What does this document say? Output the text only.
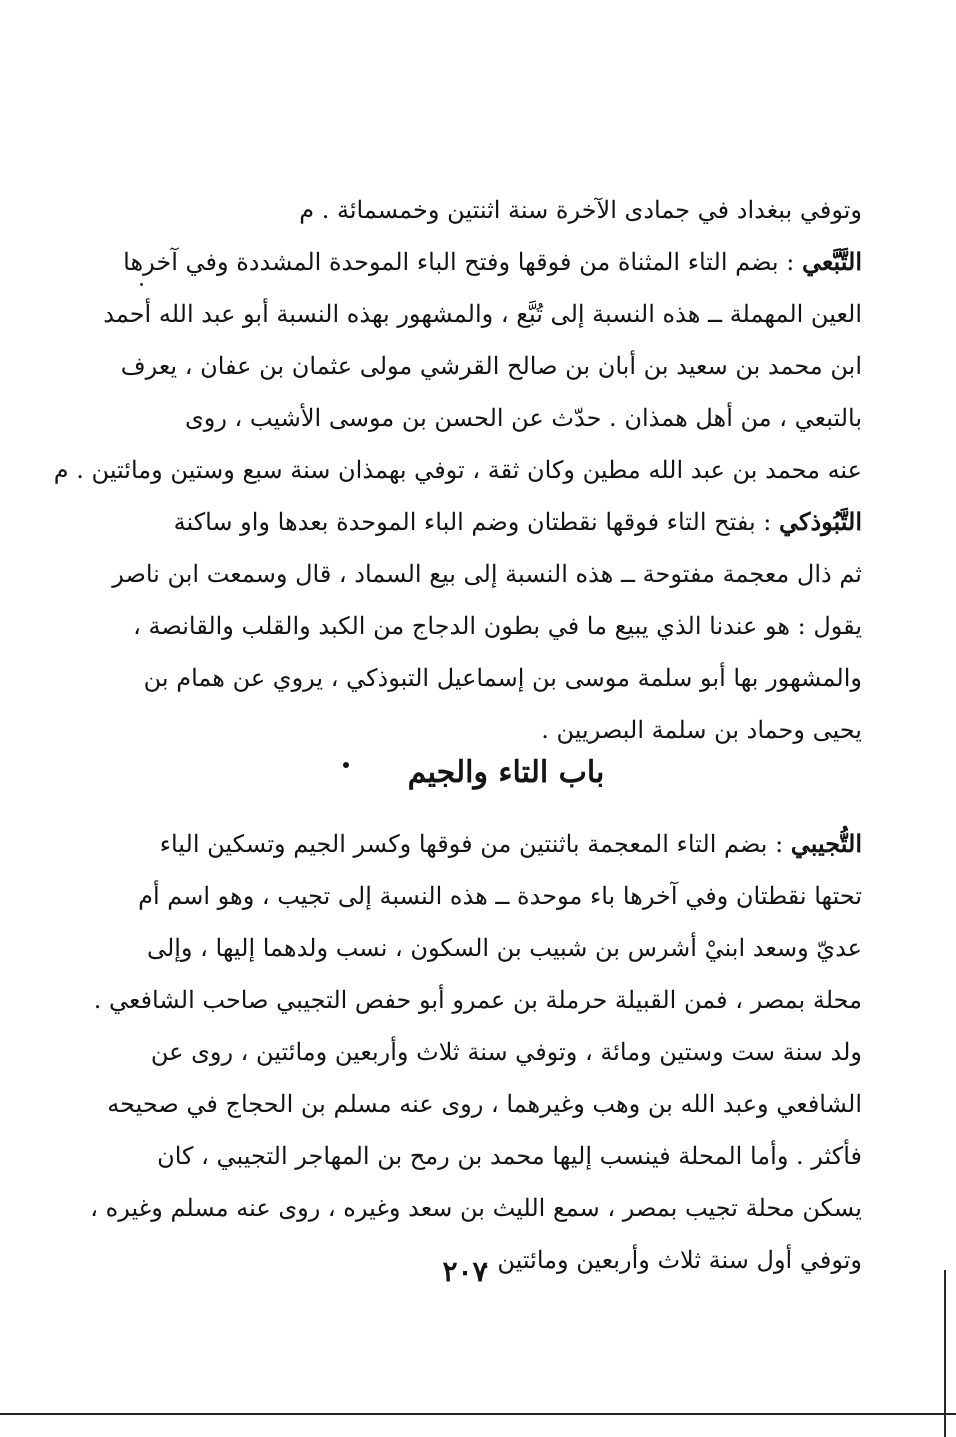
وتوفي ببغداد في جمادى الآخرة سنة اثنتين وخمسمائة . م
التَّبَّعي : بضم التاء المثناة من فوقها وفتح الباء الموحدة المشددة وفي آخرها
العين المهملة ــ هذه النسبة إلى تُبَّع ، والمشهور بهذه النسبة أبو عبد الله أحمد
ابن محمد بن سعيد بن أبان بن صالح القرشي مولى عثمان بن عفان ، يعرف
بالتبعي ، من أهل همذان . حدّث عن الحسن بن موسى الأشيب ، روى
عنه محمد بن عبد الله مطين وكان ثقة ، توفي بهمذان سنة سبع وستين ومائتين . م
التَّبُوذكي : بفتح التاء فوقها نقطتان وضم الباء الموحدة بعدها واو ساكنة
ثم ذال معجمة مفتوحة ــ هذه النسبة إلى بيع السماد ، قال وسمعت ابن ناصر
يقول : هو عندنا الذي يبيع ما في بطون الدجاج من الكبد والقلب والقانصة ،
والمشهور بها أبو سلمة موسى بن إسماعيل التبوذكي ، يروي عن همام بن
يحيى وحماد بن سلمة البصريين .
باب التاء والجيم
التُّجيبي : بضم التاء المعجمة باثنتين من فوقها وكسر الجيم وتسكين الياء
تحتها نقطتان وفي آخرها باء موحدة ــ هذه النسبة إلى تجيب ، وهو اسم أم
عديّ وسعد ابنيْ أشرس بن شبيب بن السكون ، نسب ولدهما إليها ، وإلى
محلة بمصر ، فمن القبيلة حرملة بن عمرو أبو حفص التجيبي صاحب الشافعي .
ولد سنة ست وستين ومائة ، وتوفي سنة ثلاث وأربعين ومائتين ، روى عن
الشافعي وعبد الله بن وهب وغيرهما ، روى عنه مسلم بن الحجاج في صحيحه
فأكثر . وأما المحلة فينسب إليها محمد بن رمح بن المهاجر التجيبي ، كان
يسكن محلة تجيب بمصر ، سمع الليث بن سعد وغيره ، روى عنه مسلم وغيره ،
وتوفي أول سنة ثلاث وأربعين ومائتين .
٢٠٧
